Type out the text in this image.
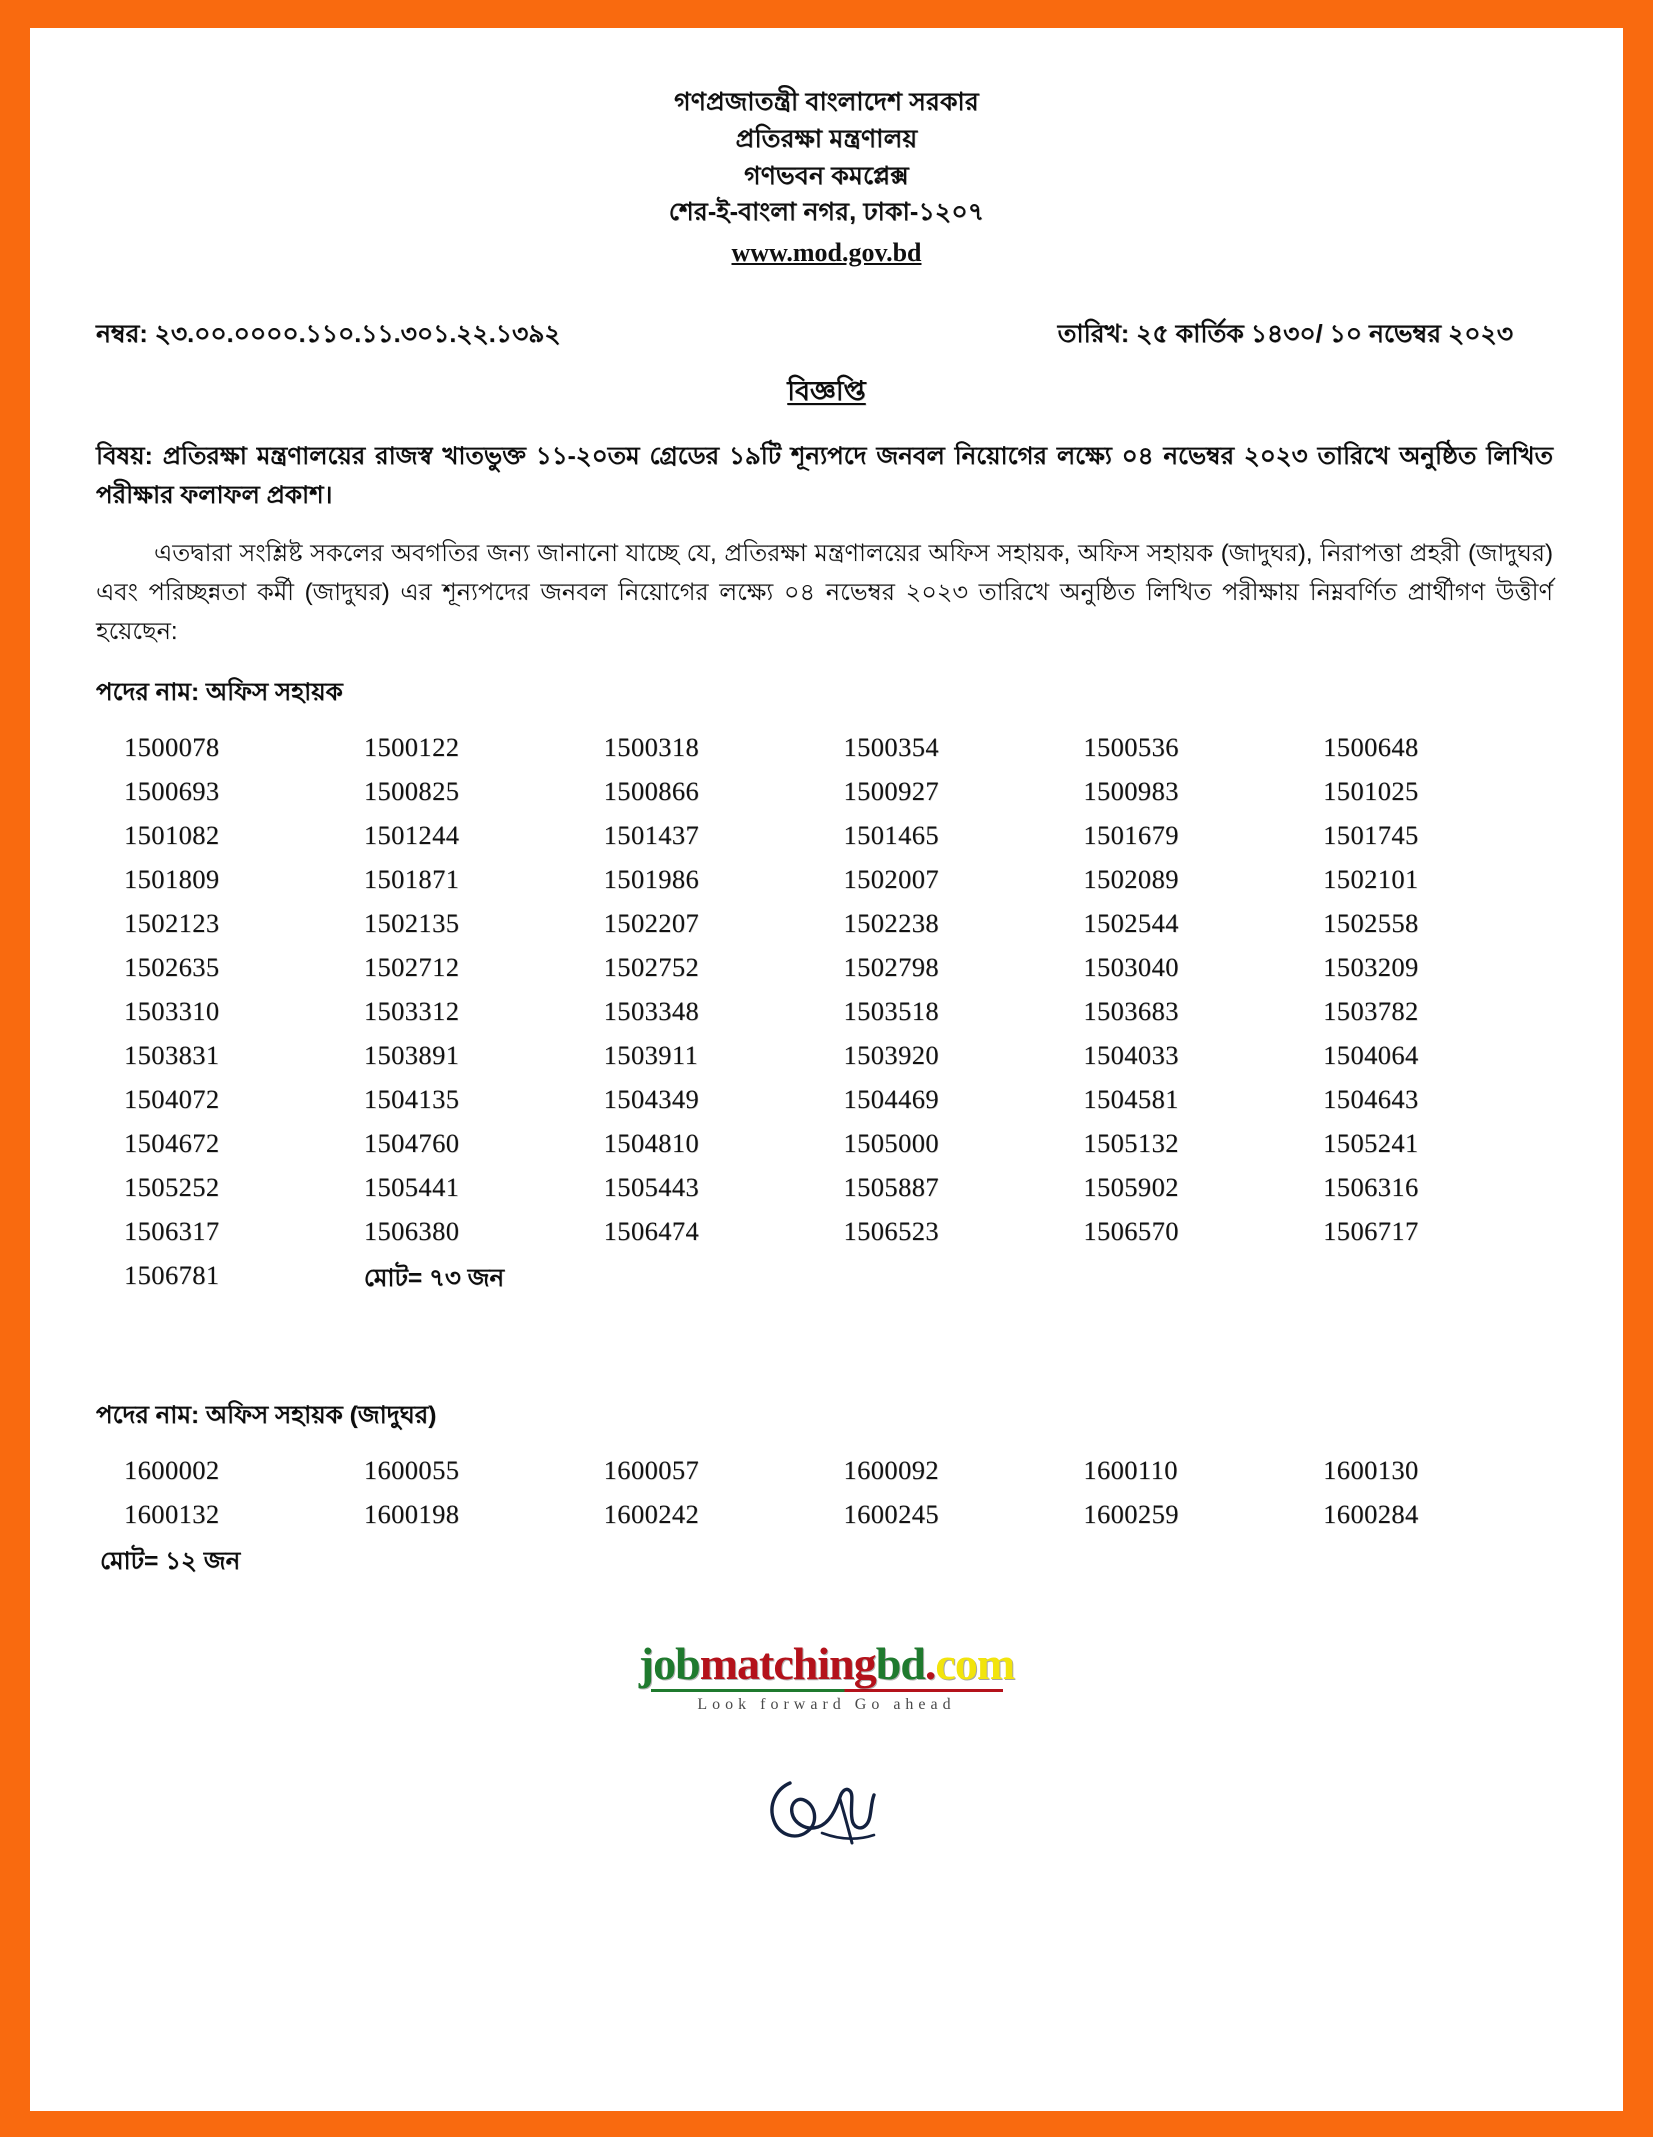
গণপ্রজাতন্ত্রী বাংলাদেশ সরকার
প্রতিরক্ষা মন্ত্রণালয়
গণভবন কমপ্লেক্স
শের-ই-বাংলা নগর, ঢাকা-১২০৭
www.mod.gov.bd
নম্বর: ২৩.০০.০০০০.১১০.১১.৩০১.২২.১৩৯২	তারিখ: ২৫ কার্তিক ১৪৩০/ ১০ নভেম্বর ২০২৩
বিজ্ঞপ্তি
বিষয়: প্রতিরক্ষা মন্ত্রণালয়ের রাজস্ব খাতভুক্ত ১১-২০তম গ্রেডের ১৯টি শূন্যপদে জনবল নিয়োগের লক্ষ্যে ০৪ নভেম্বর ২০২৩ তারিখে অনুষ্ঠিত লিখিত পরীক্ষার ফলাফল প্রকাশ।
এতদ্বারা সংশ্লিষ্ট সকলের অবগতির জন্য জানানো যাচ্ছে যে, প্রতিরক্ষা মন্ত্রণালয়ের অফিস সহায়ক, অফিস সহায়ক (জাদুঘর), নিরাপত্তা প্রহরী (জাদুঘর) এবং পরিচ্ছন্নতা কর্মী (জাদুঘর) এর শূন্যপদের জনবল নিয়োগের লক্ষ্যে ০৪ নভেম্বর ২০২৩ তারিখে অনুষ্ঠিত লিখিত পরীক্ষায় নিম্নবর্ণিত প্রার্থীগণ উত্তীর্ণ হয়েছেন:
পদের নাম: অফিস সহায়ক
1500078	1500122	1500318	1500354	1500536	1500648
1500693	1500825	1500866	1500927	1500983	1501025
1501082	1501244	1501437	1501465	1501679	1501745
1501809	1501871	1501986	1502007	1502089	1502101
1502123	1502135	1502207	1502238	1502544	1502558
1502635	1502712	1502752	1502798	1503040	1503209
1503310	1503312	1503348	1503518	1503683	1503782
1503831	1503891	1503911	1503920	1504033	1504064
1504072	1504135	1504349	1504469	1504581	1504643
1504672	1504760	1504810	1505000	1505132	1505241
1505252	1505441	1505443	1505887	1505902	1506316
1506317	1506380	1506474	1506523	1506570	1506717
1506781	মোট= ৭৩ জন
পদের নাম: অফিস সহায়ক (জাদুঘর)
1600002	1600055	1600057	1600092	1600110	1600130
1600132	1600198	1600242	1600245	1600259	1600284
মোট= ১২ জন
jobmatchingbd.com
Look forward Go ahead
